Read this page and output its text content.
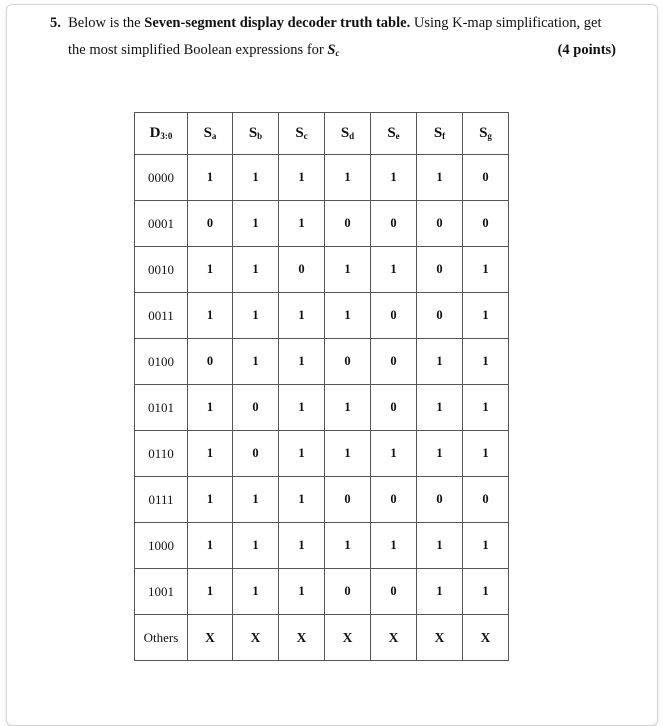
5. Below is the Seven-segment display decoder truth table. Using K-map simplification, get
the most simplified Boolean expressions for $S_c$	(4 points)
$D_{3:0}$	$S_a$	$S_b$	$S_c$	$S_d$	$S_e$	$S_f$	$S_g$
0000	1	1	1	1	1	1	0
0001	0	1	1	0	0	0	0
0010	1	1	0	1	1	0	1
0011	1	1	1	1	0	0	1
0100	0	1	1	0	0	1	1
0101	1	0	1	1	0	1	1
0110	1	0	1	1	1	1	1
0111	1	1	1	0	0	0	0
1000	1	1	1	1	1	1	1
1001	1	1	1	0	0	1	1
Others	X	X	X	X	X	X	X
